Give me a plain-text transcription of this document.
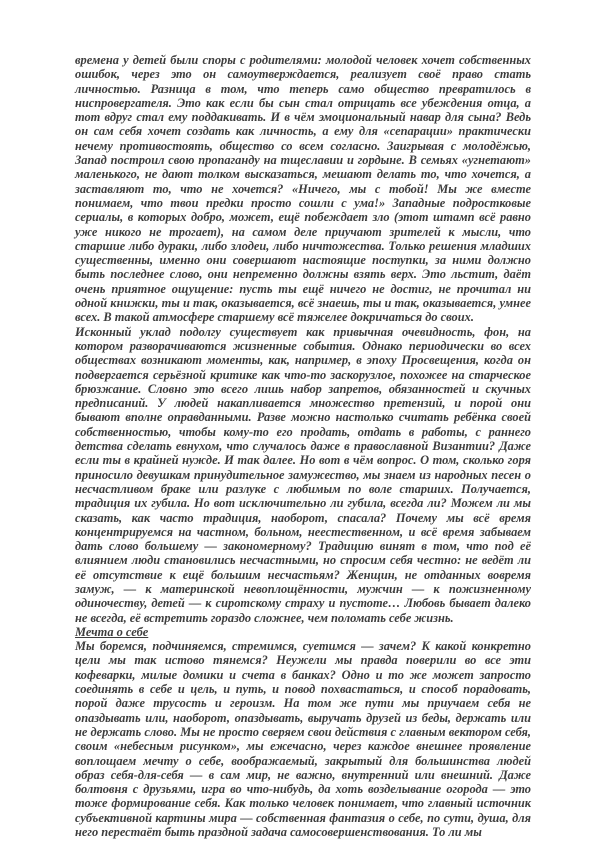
времена у детей были споры с родителями: молодой человек хочет собственных ошибок, через это он самоутверждается, реализует своё право стать личностью. Разница в том, что теперь само общество превратилось в ниспровергателя. Это как если бы сын стал отрицать все убеждения отца, а тот вдруг стал ему поддакивать. И в чём эмоциональный навар для сына? Ведь он сам себя хочет создать как личность, а ему для «сепарации» практически нечему противостоять, общество со всем согласно. Заигрывая с молодёжью, Запад построил свою пропаганду на тщеславии и гордыне. В семьях «угнетают» маленького, не дают толком высказаться, мешают делать то, что хочется, а заставляют то, что не хочется? «Ничего, мы с тобой! Мы же вместе понимаем, что твои предки просто сошли с ума!» Западные подростковые сериалы, в которых добро, может, ещё побеждает зло (этот штамп всё равно уже никого не трогает), на самом деле приучают зрителей к мысли, что старшие либо дураки, либо злодеи, либо ничтожества. Только решения младших существенны, именно они совершают настоящие поступки, за ними должно быть последнее слово, они непременно должны взять верх. Это льстит, даёт очень приятное ощущение: пусть ты ещё ничего не достиг, не прочитал ни одной книжки, ты и так, оказывается, всё знаешь, ты и так, оказывается, умнее всех. В такой атмосфере старшему всё тяжелее докричаться до своих.

Исконный уклад подолгу существует как привычная очевидность, фон, на котором разворачиваются жизненные события. Однако периодически во всех обществах возникают моменты, как, например, в эпоху Просвещения, когда он подвергается серьёзной критике как что-то заскорузлое, похожее на старческое брюзжание. Словно это всего лишь набор запретов, обязанностей и скучных предписаний. У людей накапливается множество претензий, и порой они бывают вполне оправданными. Разве можно настолько считать ребёнка своей собственностью, чтобы кому-то его продать, отдать в работы, с раннего детства сделать евнухом, что случалось даже в православной Византии? Даже если ты в крайней нужде. И так далее. Но вот в чём вопрос. О том, сколько горя приносило девушкам принудительное замужество, мы знаем из народных песен о несчастливом браке или разлуке с любимым по воле старших. Получается, традиция их губила. Но вот исключительно ли губила, всегда ли? Можем ли мы сказать, как часто традиция, наоборот, спасала? Почему мы всё время концентрируемся на частном, больном, неестественном, и всё время забываем дать слово большему — закономерному? Традицию винят в том, что под её влиянием люди становились несчастными, но спросим себя честно: не ведёт ли её отсутствие к ещё большим несчастьям? Женщин, не отданных вовремя замуж, — к материнской невоплощённости, мужчин — к пожизненному одиночеству, детей — к сиротскому страху и пустоте… Любовь бывает далеко не всегда, её встретить гораздо сложнее, чем поломать себе жизнь.

Мечта о себе

Мы боремся, подчиняемся, стремимся, суетимся — зачем? К какой конкретно цели мы так истово тянемся? Неужели мы правда поверили во все эти кофеварки, милые домики и счета в банках? Одно и то же может запросто соединять в себе и цель, и путь, и повод похвастаться, и способ порадовать, порой даже трусость и героизм. На том же пути мы приучаем себя не опаздывать или, наоборот, опаздывать, выручать друзей из беды, держать или не держать слово. Мы не просто сверяем свои действия с главным вектором себя, своим «небесным рисунком», мы ежечасно, через каждое внешнее проявление воплощаем мечту о себе, воображаемый, закрытый для большинства людей образ себя-для-себя — в сам мир, не важно, внутренний или внешний. Даже болтовня с друзьями, игра во что-нибудь, да хоть возделывание огорода — это тоже формирование себя. Как только человек понимает, что главный источник субъективной картины мира — собственная фантазия о себе, по сути, душа, для него перестаёт быть праздной задача самосовершенствования. То ли мы
